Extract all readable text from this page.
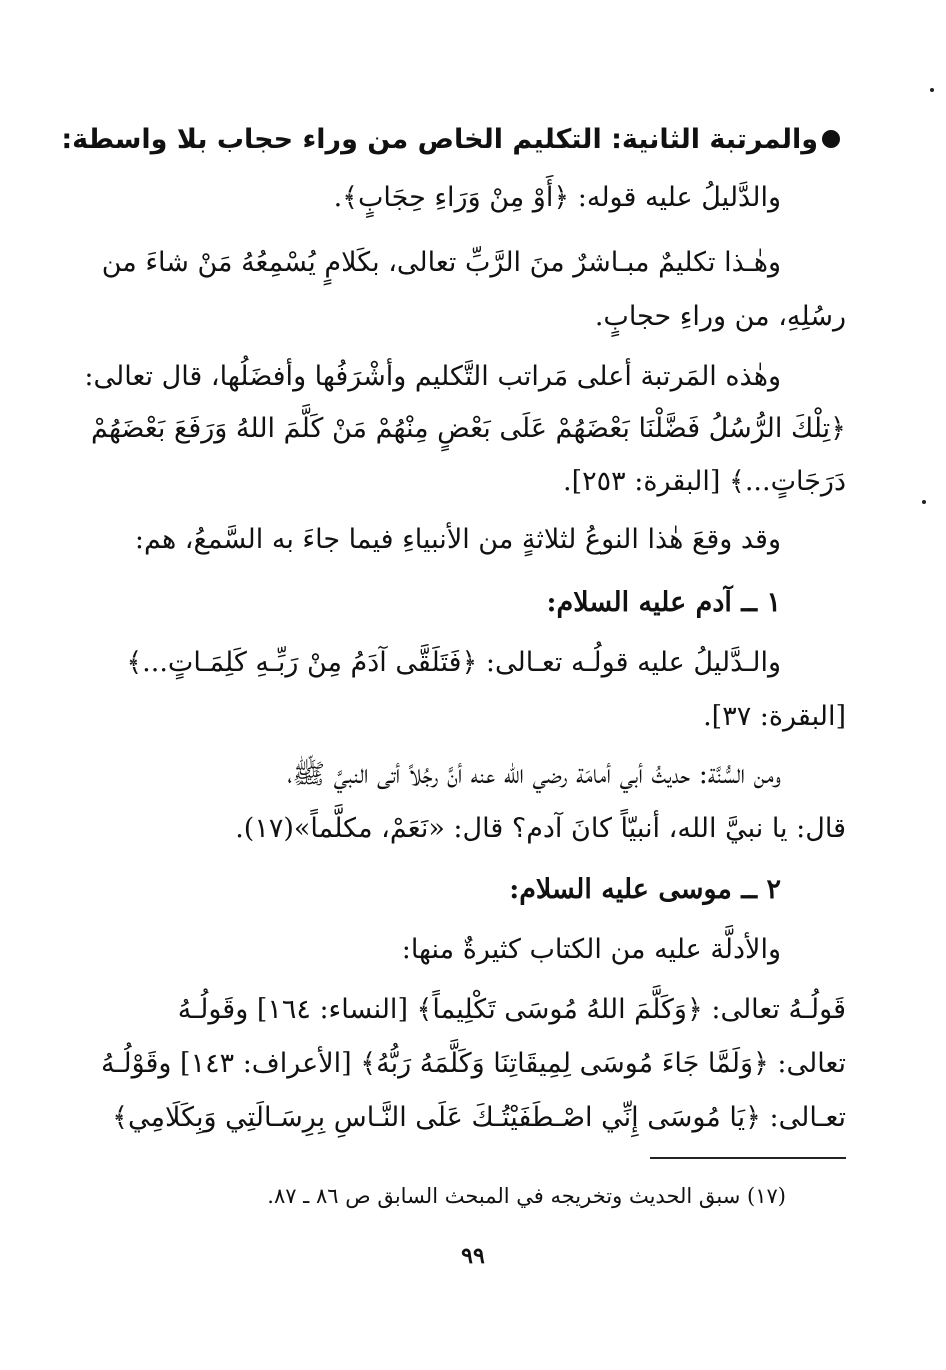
والمرتبة الثانية: التكليم الخاص من وراء حجاب بلا واسطة:
والدَّليلُ عليه قوله: ﴿أَوْ مِنْ وَرَاءِ حِجَابٍ﴾.
وهٰـذا تكليمٌ مبـاشرٌ منَ الرَّبِّ تعالى، بكَلامٍ يُسْمِعُهُ مَنْ شاءَ من
رسُلِهِ، من وراءِ حجابٍ.
وهٰذه المَرتبة أعلى مَراتب التَّكليم وأشْرَفُها وأفضَلُها، قال تعالى:
﴿تِلْكَ الرُّسُلُ فَضَّلْنَا بَعْضَهُمْ عَلَى بَعْضٍ مِنْهُمْ مَنْ كَلَّمَ اللهُ وَرَفَعَ بَعْضَهُمْ
دَرَجَاتٍ...﴾ [البقرة: ٢٥٣].
وقد وقعَ هٰذا النوعُ لثلاثةٍ من الأنبياءِ فيما جاءَ به السَّمعُ، هم:
١ ــ آدم عليه السلام:
والـدَّليلُ عليه قولُـه تعـالى: ﴿فَتَلَقَّى آدَمُ مِنْ رَبِّـهِ كَلِمَـاتٍ...﴾
[البقرة: ٣٧].
ومن السُّنَّة: حديثُ أبي أمامَة رضي الله عنه أنَّ رجُلاً أتى النبيَّ ﷺ،
قال: يا نبيَّ الله، أنبيّاً كانَ آدم؟ قال: «نَعَمْ، مكلَّماً»(١٧).
٢ ــ موسى عليه السلام:
والأدلَّة عليه من الكتاب كثيرةٌ منها:
قَولُـهُ تعالى: ﴿وَكَلَّمَ اللهُ مُوسَى تَكْلِيماً﴾ [النساء: ١٦٤] وقَولُـهُ
تعالى: ﴿وَلَمَّا جَاءَ مُوسَى لِمِيقَاتِنَا وَكَلَّمَهُ رَبُّهُ﴾ [الأعراف: ١٤٣] وقَوْلُـهُ
تعـالى: ﴿يَا مُوسَى إِنِّي اصْـطَفَيْتُـكَ عَلَى النَّـاسِ بِرِسَـالَتِي وَبِكَلَامِي﴾
(١٧) سبق الحديث وتخريجه في المبحث السابق ص ٨٦ ـ ٨٧.
٩٩
